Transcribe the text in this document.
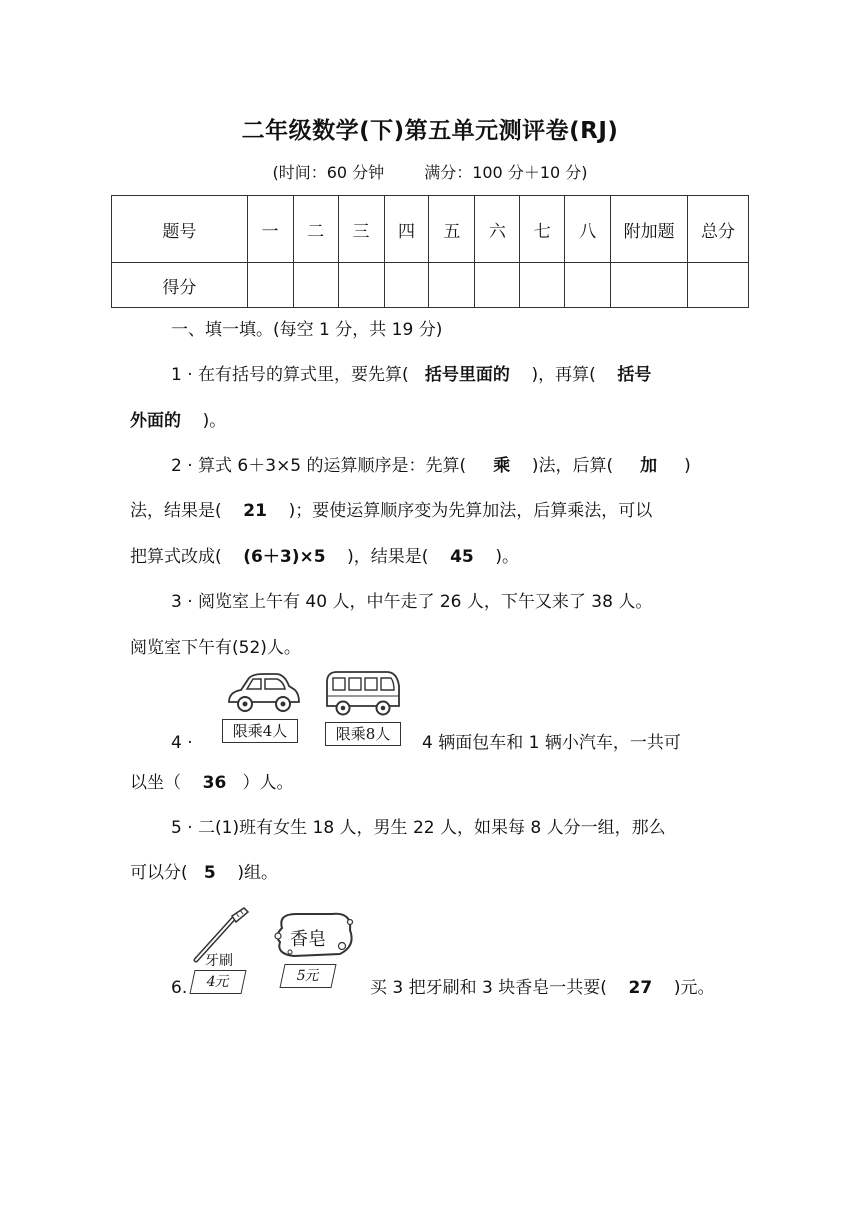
二年级数学(下)第五单元测评卷(RJ)
(时间：60 分钟	满分：100 分＋10 分)
题号	一	二	三	四	五	六	七	八	附加题	总分
得分										
一、填一填。(每空 1 分，共 19 分)
1 · 在有括号的算式里，要先算( 括号里面的 )，再算( 括号
外面的 )。
2 · 算式 6＋3×5 的运算顺序是：先算( 乘 )法，后算( 加 )
法，结果是( 21 )；要使运算顺序变为先算加法，后算乘法，可以
把算式改成( (6＋3)×5 )，结果是( 45 )。
3 · 阅览室上午有 40 人，中午走了 26 人，下午又来了 38 人。
阅览室下午有(52)人。
限乘4人	限乘8人
4 ·	4 辆面包车和 1 辆小汽车，一共可
以坐（ 36 ）人。
5 · 二(1)班有女生 18 人，男生 22 人，如果每 8 人分一组，那么
可以分( 5 )组。
牙刷
4元
香皂
5元
6.	买 3 把牙刷和 3 块香皂一共要( 27 )元。
